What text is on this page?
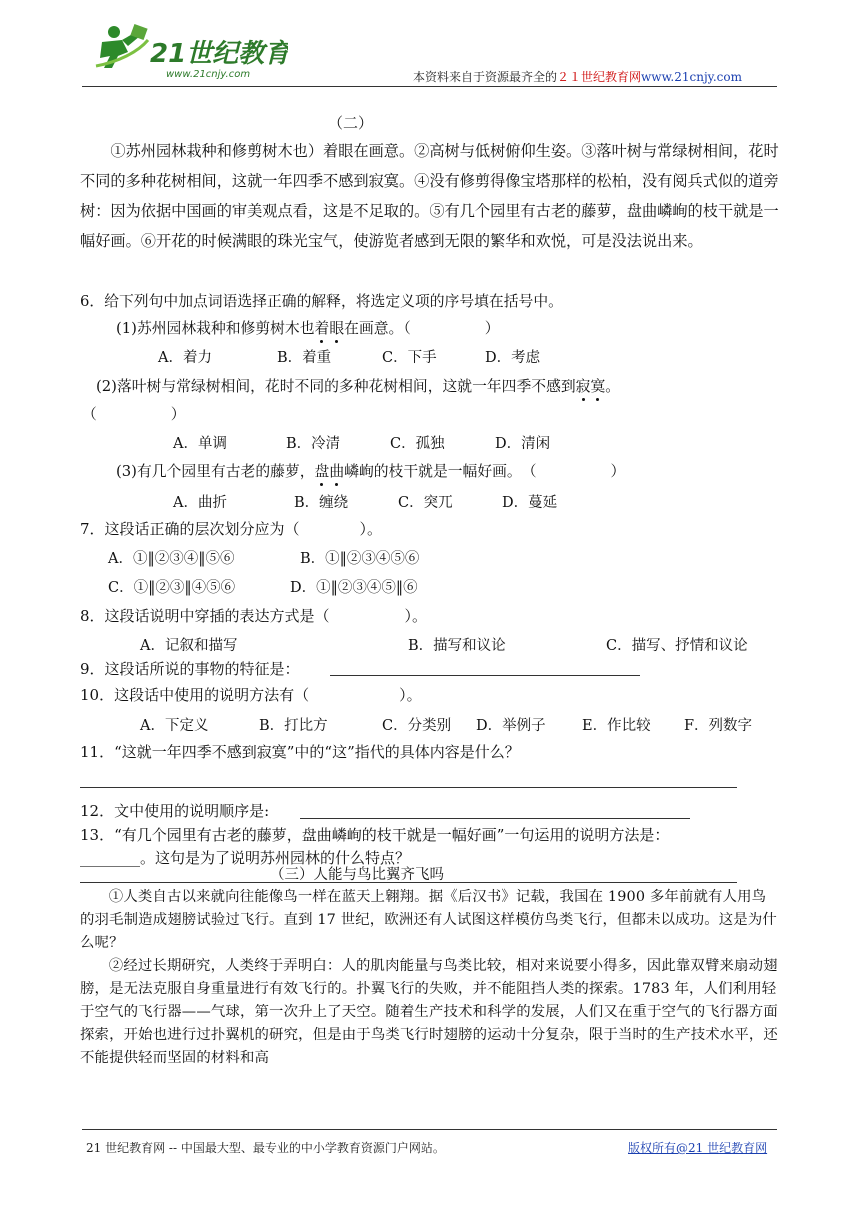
21世纪教育
www.21cnjy.com	本资料来自于资源最齐全的２１世纪教育网www.21cnjy.com
（二）
①苏州园林栽种和修剪树木也）着眼在画意。②高树与低树俯仰生姿。③落叶树与常绿树相间，花时不同的多种花树相间，这就一年四季不感到寂寞。④没有修剪得像宝塔那样的松柏，没有阅兵式似的道旁树：因为依据中国画的审美观点看，这是不足取的。⑤有几个园里有古老的藤萝，盘曲嶙峋的枝干就是一幅好画。⑥开花的时候满眼的珠光宝气，使游览者感到无限的繁华和欢悦，可是没法说出来。
6．给下列句中加点词语选择正确的解释，将选定义项的序号填在括号中。
(1)苏州园林栽种和修剪树木也着眼在画意。（　　　　　）
A．着力	B．着重	C．下手	D．考虑
(2)落叶树与常绿树相间，花时不同的多种花树相间，这就一年四季不感到寂寞。
（　　　　　）
A．单调	B．冷清	C．孤独	D．清闲
(3)有几个园里有古老的藤萝，盘曲嶙峋的枝干就是一幅好画。　（　　　　　）
A．曲折	B．缠绕	C．突兀	D．蔓延
7．这段话正确的层次划分应为（　　　　）。
A．①‖②③④‖⑤⑥	B．①‖②③④⑤⑥
C．①‖②③‖④⑤⑥	D．①‖②③④⑤‖⑥
8．这段话说明中穿插的表达方式是（　　　　　）。
A．记叙和描写	B．描写和议论	C．描写、抒情和议论
9．这段话所说的事物的特征是：
10．这段话中使用的说明方法有（　　　　　　）。
A．下定义	B．打比方	C．分类别 D．举例子	E．作比较 F．列数字
11．“这就一年四季不感到寂寞”中的“这”指代的具体内容是什么？
12．文中使用的说明顺序是:
13．“有几个园里有古老的藤萝，盘曲嶙峋的枝干就是一幅好画”一句运用的说明方法是：
________。这句是为了说明苏州园林的什么特点？
（三）人能与鸟比翼齐飞吗
①人类自古以来就向往能像鸟一样在蓝天上翱翔。据《后汉书》记载，我国在 1900 多年前就有人用鸟的羽毛制造成翅膀试验过飞行。直到 17 世纪，欧洲还有人试图这样模仿鸟类飞行，但都未以成功。这是为什么呢？
②经过长期研究，人类终于弄明白：人的肌肉能量与鸟类比较，相对来说要小得多，因此靠双臂来扇动翅膀，是无法克服自身重量进行有效飞行的。扑翼飞行的失败，并不能阻挡人类的探索。1783 年，人们利用轻于空气的飞行器——气球，第一次升上了天空。随着生产技术和科学的发展，人们又在重于空气的飞行器方面探索，开始也进行过扑翼机的研究，但是由于鸟类飞行时翅膀的运动十分复杂，限于当时的生产技术水平，还不能提供轻而坚固的材料和高
21 世纪教育网 -- 中国最大型、最专业的中小学教育资源门户网站。	版权所有@21 世纪教育网
